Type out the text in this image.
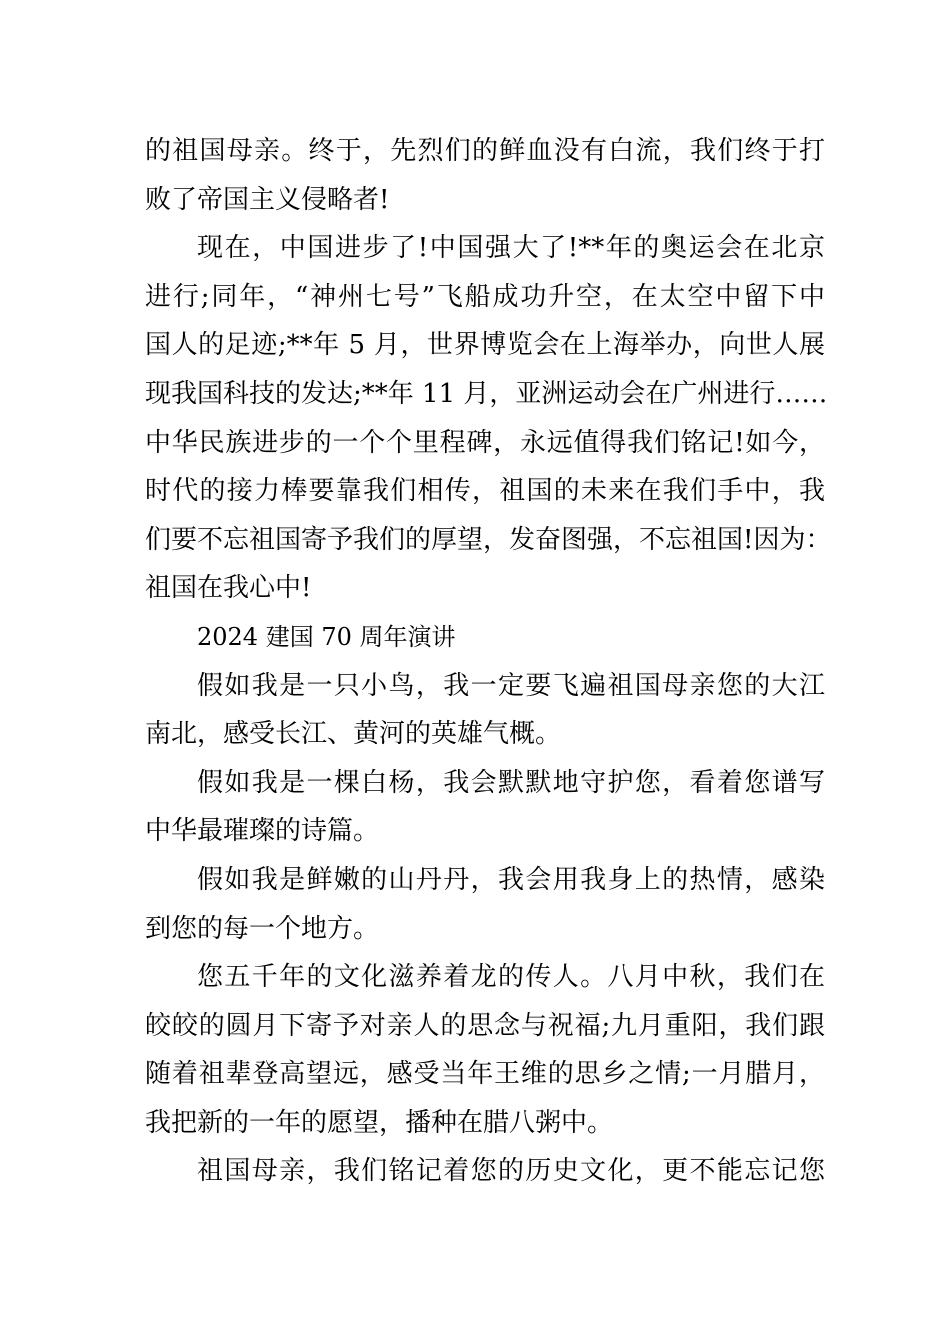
的祖国母亲。终于，先烈们的鲜血没有白流，我们终于打
败了帝国主义侵略者!
现在，中国进步了!中国强大了!**年的奥运会在北京
进行;同年，“神州七号”飞船成功升空，在太空中留下中
国人的足迹;**年 5 月，世界博览会在上海举办，向世人展
现我国科技的发达;**年 11 月，亚洲运动会在广州进行……
中华民族进步的一个个里程碑，永远值得我们铭记!如今，
时代的接力棒要靠我们相传，祖国的未来在我们手中，我
们要不忘祖国寄予我们的厚望，发奋图强，不忘祖国!因为：
祖国在我心中!
2024 建国 70 周年演讲
假如我是一只小鸟，我一定要飞遍祖国母亲您的大江
南北，感受长江、黄河的英雄气概。
假如我是一棵白杨，我会默默地守护您，看着您谱写
中华最璀璨的诗篇。
假如我是鲜嫩的山丹丹，我会用我身上的热情，感染
到您的每一个地方。
您五千年的文化滋养着龙的传人。八月中秋，我们在
皎皎的圆月下寄予对亲人的思念与祝福;九月重阳，我们跟
随着祖辈登高望远，感受当年王维的思乡之情;一月腊月，
我把新的一年的愿望，播种在腊八粥中。
祖国母亲，我们铭记着您的历史文化，更不能忘记您
